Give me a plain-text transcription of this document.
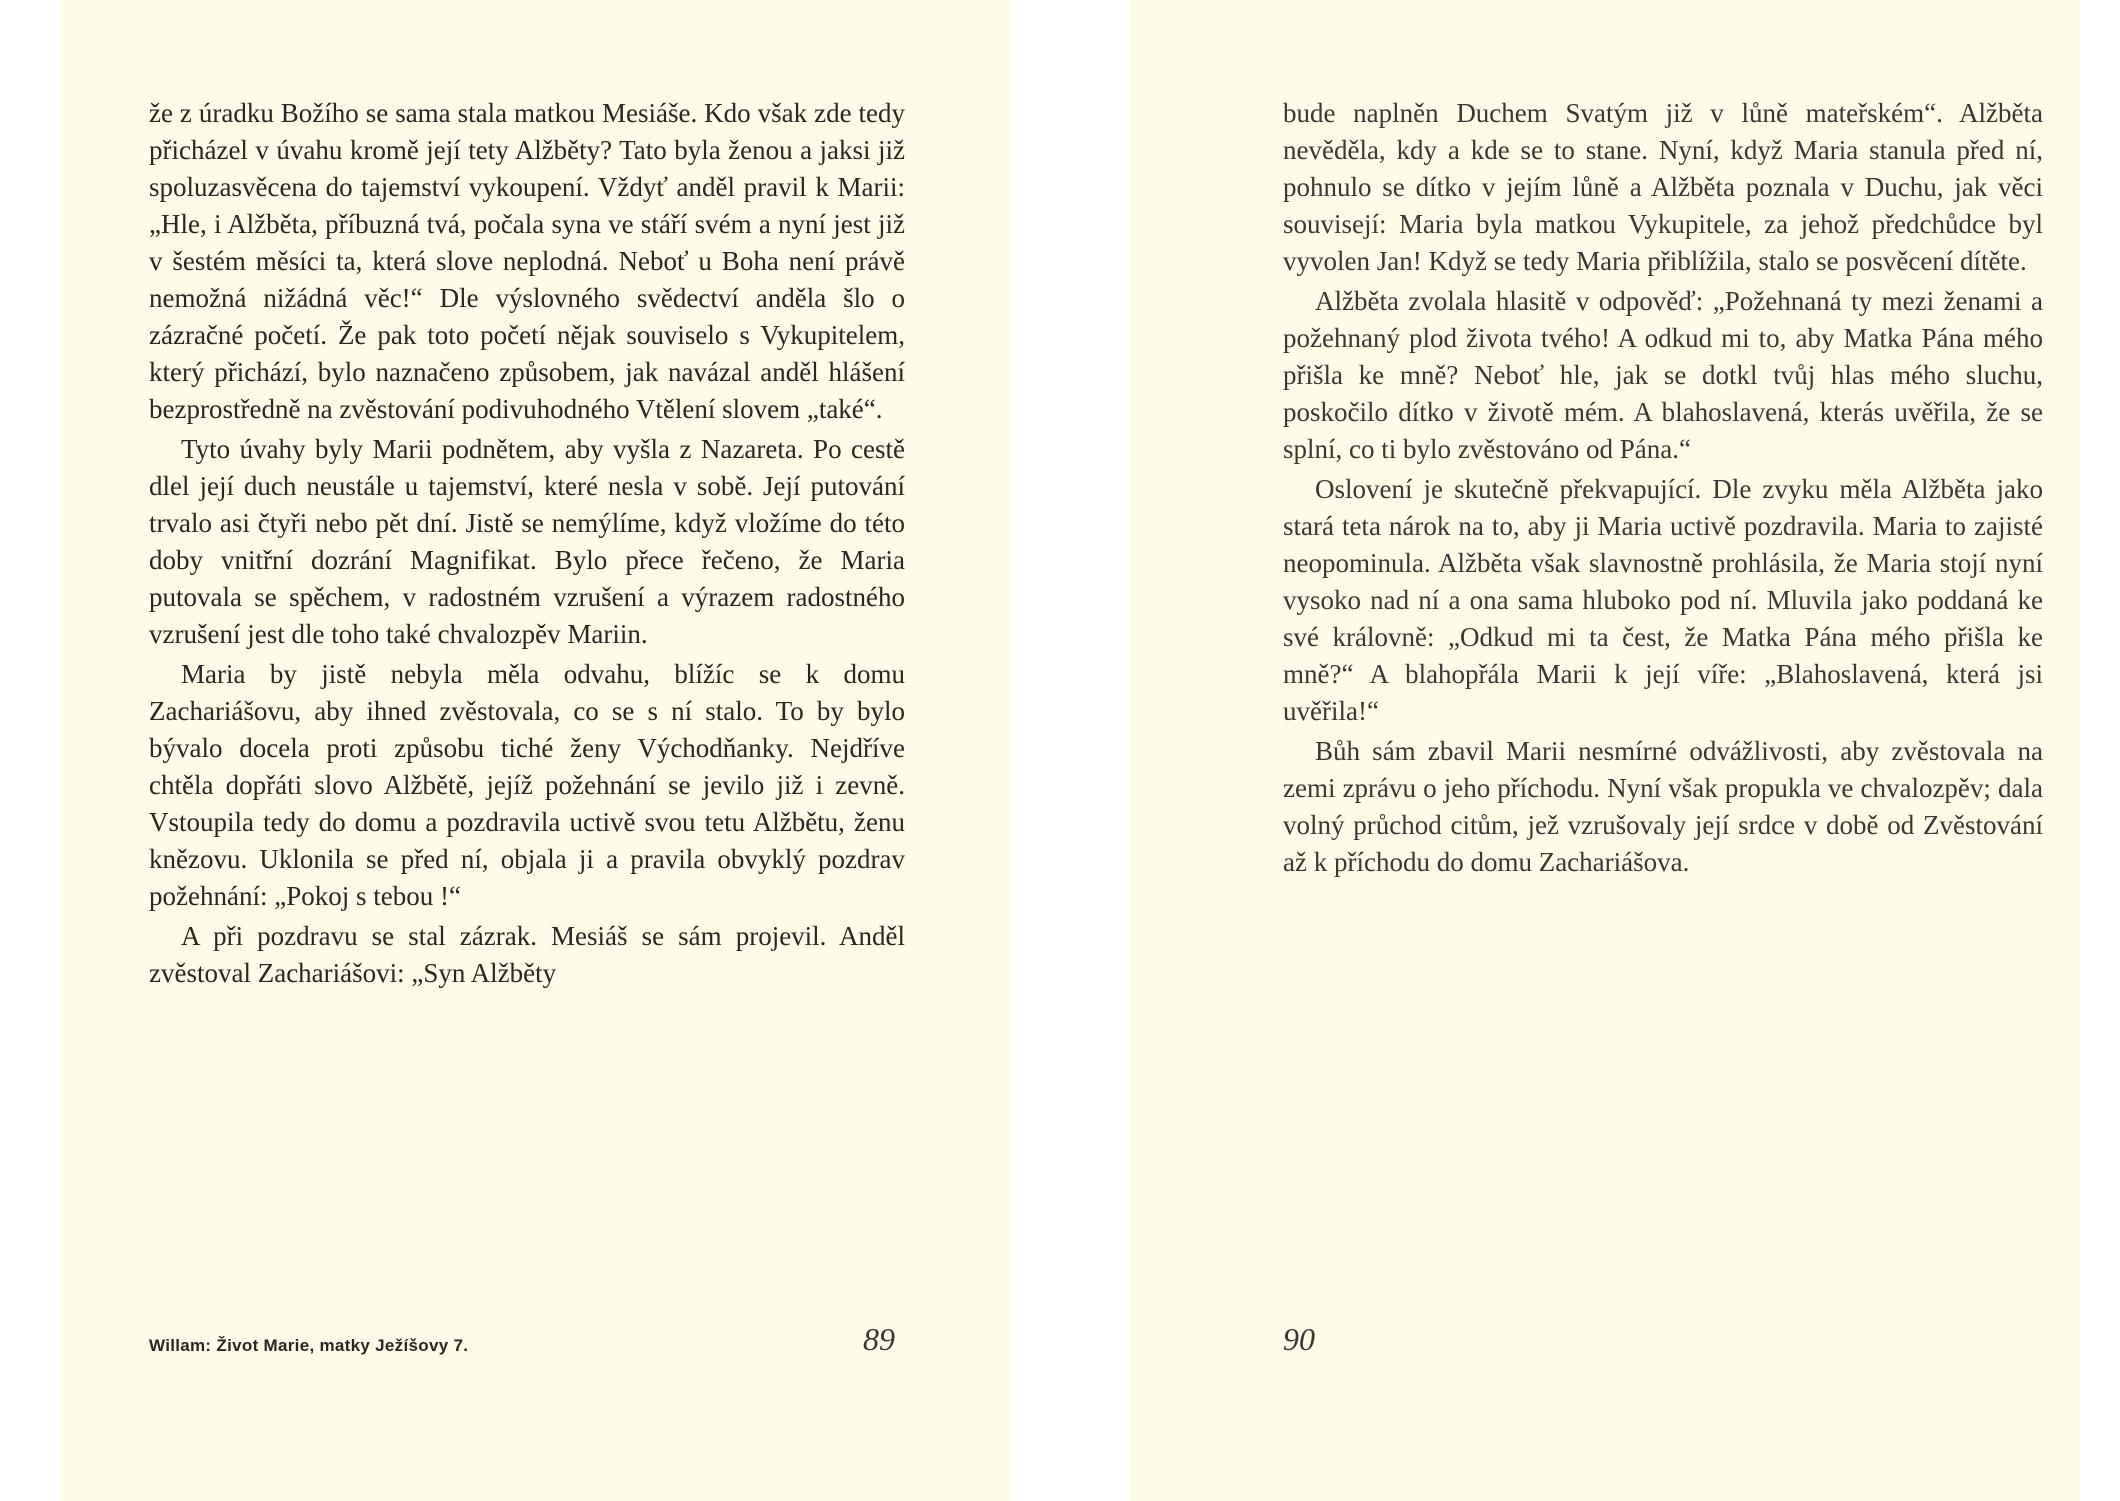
že z úradku Božího se sama stala matkou Mesiáše. Kdo však zde tedy přicházel v úvahu kromě její tety Alžběty? Tato byla ženou a jaksi již spoluzasvěcena do tajemství vykoupení. Vždyť anděl pravil k Marii: „Hle, i Alžběta, příbuzná tvá, počala syna ve stáří svém a nyní jest již v šestém měsíci ta, která slove neplodná. Neboť u Boha není právě nemožná nižádná věc!“ Dle výslovného svědectví anděla šlo o zázračné početí. Že pak toto početí nějak souviselo s Vykupitelem, který přichází, bylo naznačeno způsobem, jak navázal anděl hlášení bezprostředně na zvěstování podivuhodného Vtělení slovem „také“.

Tyto úvahy byly Marii podnětem, aby vyšla z Nazareta. Po cestě dlel její duch neustále u tajemství, které nesla v sobě. Její putování trvalo asi čtyři nebo pět dní. Jistě se nemýlíme, když vložíme do této doby vnitřní dozrání Magnifikat. Bylo přece řečeno, že Maria putovala se spěchem, v radostném vzrušení a výrazem radostného vzrušení jest dle toho také chvalozpěv Mariin.

Maria by jistě nebyla měla odvahu, blížíc se k domu Zachariášovu, aby ihned zvěstovala, co se s ní stalo. To by bylo bývalo docela proti způsobu tiché ženy Východňanky. Nejdříve chtěla dopřáti slovo Alžbětě, jejíž požehnání se jevilo již i zevně. Vstoupila tedy do domu a pozdravila uctivě svou tetu Alžbětu, ženu knězovu. Uklonila se před ní, objala ji a pravila obvyklý pozdrav požehnání: „Pokoj s tebou !“

A při pozdravu se stal zázrak. Mesiáš se sám projevil. Anděl zvěstoval Zachariášovi: „Syn Alžběty

Willam: Život Marie, matky Ježíšovy 7.	89

bude naplněn Duchem Svatým již v lůně mateřském“. Alžběta nevěděla, kdy a kde se to stane. Nyní, když Maria stanula před ní, pohnulo se dítko v jejím lůně a Alžběta poznala v Duchu, jak věci souvisejí: Maria byla matkou Vykupitele, za jehož předchůdce byl vyvolen Jan! Když se tedy Maria přiblížila, stalo se posvěcení dítěte.

Alžběta zvolala hlasitě v odpověď: „Požehnaná ty mezi ženami a požehnaný plod života tvého! A odkud mi to, aby Matka Pána mého přišla ke mně? Neboť hle, jak se dotkl tvůj hlas mého sluchu, poskočilo dítko v životě mém. A blahoslavená, kterás uvěřila, že se splní, co ti bylo zvěstováno od Pána.“

Oslovení je skutečně překvapující. Dle zvyku měla Alžběta jako stará teta nárok na to, aby ji Maria uctivě pozdravila. Maria to zajisté neopominula. Alžběta však slavnostně prohlásila, že Maria stojí nyní vysoko nad ní a ona sama hluboko pod ní. Mluvila jako poddaná ke své královně: „Odkud mi ta čest, že Matka Pána mého přišla ke mně?“ A blahopřála Marii k její víře: „Blahoslavená, která jsi uvěřila!“

Bůh sám zbavil Marii nesmírné odvážlivosti, aby zvěstovala na zemi zprávu o jeho příchodu. Nyní však propukla ve chvalozpěv; dala volný průchod citům, jež vzrušovaly její srdce v době od Zvěstování až k příchodu do domu Zachariášova.

90
